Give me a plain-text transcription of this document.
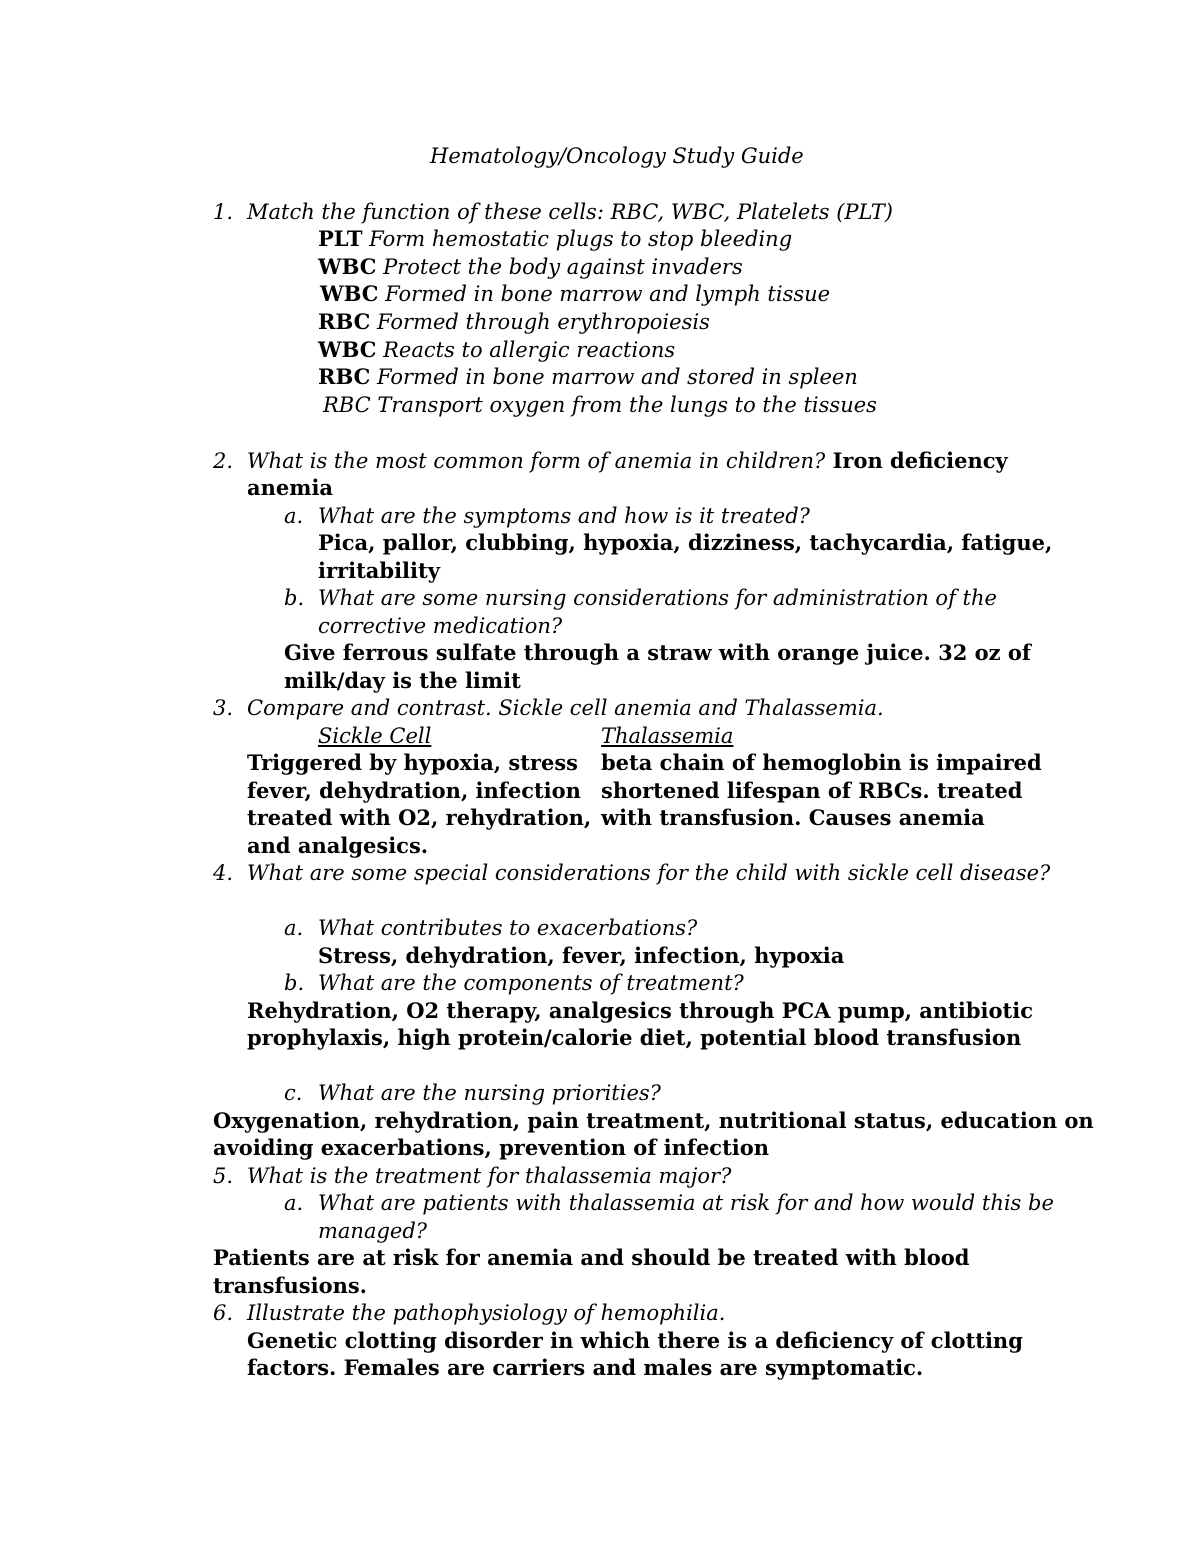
Hematology/Oncology Study Guide
1. Match the function of these cells: RBC, WBC, Platelets (PLT)
PLT Form hemostatic plugs to stop bleeding
WBC Protect the body against invaders
WBC Formed in bone marrow and lymph tissue
RBC Formed through erythropoiesis
WBC Reacts to allergic reactions
RBC Formed in bone marrow and stored in spleen
RBC Transport oxygen from the lungs to the tissues
2. What is the most common form of anemia in children? Iron deficiency
anemia
a. What are the symptoms and how is it treated?
Pica, pallor, clubbing, hypoxia, dizziness, tachycardia, fatigue,
irritability
b. What are some nursing considerations for administration of the
corrective medication?
Give ferrous sulfate through a straw with orange juice. 32 oz of
milk/day is the limit
3. Compare and contrast. Sickle cell anemia and Thalassemia.
Sickle Cell	Thalassemia
Triggered by hypoxia, stress
fever, dehydration, infection
treated with O2, rehydration,
and analgesics.
beta chain of hemoglobin is impaired
shortened lifespan of RBCs. treated
with transfusion. Causes anemia
4. What are some special considerations for the child with sickle cell disease?
a. What contributes to exacerbations?
Stress, dehydration, fever, infection, hypoxia
b. What are the components of treatment?
Rehydration, O2 therapy, analgesics through PCA pump, antibiotic
prophylaxis, high protein/calorie diet, potential blood transfusion
c. What are the nursing priorities?
Oxygenation, rehydration, pain treatment, nutritional status, education on
avoiding exacerbations, prevention of infection
5. What is the treatment for thalassemia major?
a. What are patients with thalassemia at risk for and how would this be
managed?
Patients are at risk for anemia and should be treated with blood
transfusions.
6. Illustrate the pathophysiology of hemophilia.
Genetic clotting disorder in which there is a deficiency of clotting
factors. Females are carriers and males are symptomatic.
